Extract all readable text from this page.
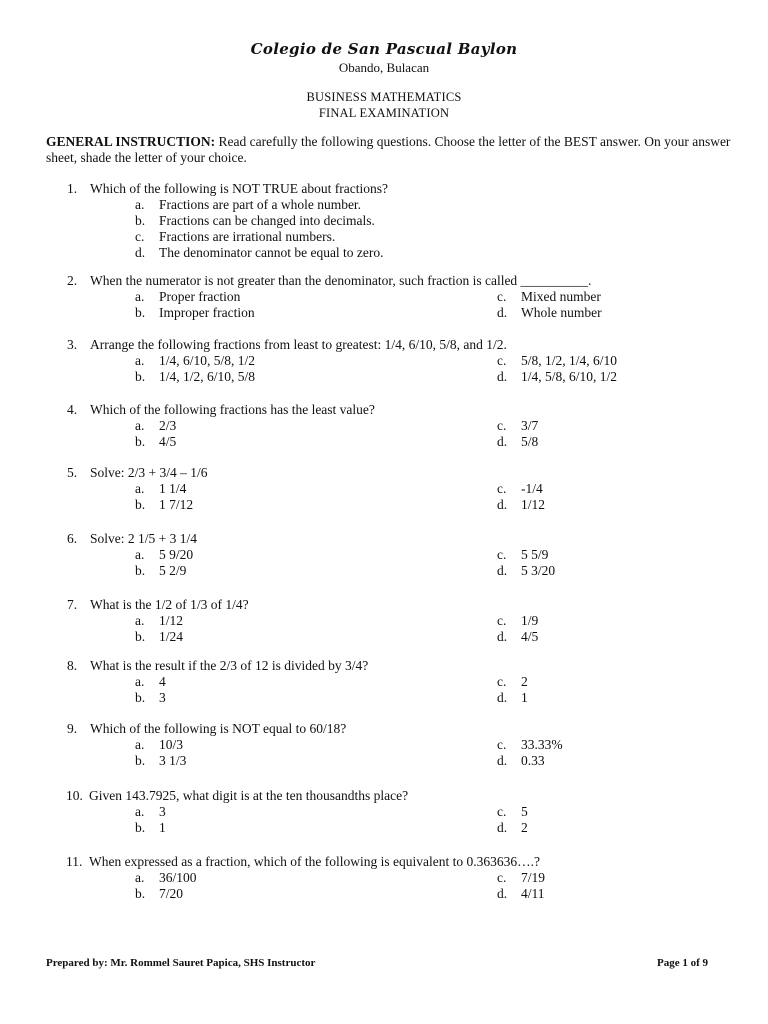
Colegio de San Pascual Baylon
Obando, Bulacan
BUSINESS MATHEMATICS
FINAL EXAMINATION
GENERAL INSTRUCTION: Read carefully the following questions. Choose the letter of the BEST answer. On your answer sheet, shade the letter of your choice.
1. Which of the following is NOT TRUE about fractions?
a.	Fractions are part of a whole number.
b.	Fractions can be changed into decimals.
c.	Fractions are irrational numbers.
d.	The denominator cannot be equal to zero.
2. When the numerator is not greater than the denominator, such fraction is called __________.
a.	Proper fraction
b.	Improper fraction
c.	Mixed number
d.	Whole number
3. Arrange the following fractions from least to greatest: 1/4, 6/10, 5/8, and 1/2.
a.	1/4, 6/10, 5/8, 1/2
b.	1/4, 1/2, 6/10, 5/8
c.	5/8, 1/2, 1/4, 6/10
d.	1/4, 5/8, 6/10, 1/2
4. Which of the following fractions has the least value?
a.	2/3
b.	4/5
c.	3/7
d.	5/8
5. Solve: 2/3 + 3/4 – 1/6
a.	1 1/4
b.	1 7/12
c.	-1/4
d.	1/12
6. Solve: 2 1/5 + 3 1/4
a.	5 9/20
b.	5 2/9
c.	5 5/9
d.	5 3/20
7. What is the 1/2 of 1/3 of 1/4?
a.	1/12
b.	1/24
c.	1/9
d.	4/5
8. What is the result if the 2/3 of 12 is divided by 3/4?
a.	4
b.	3
c.	2
d.	1
9. Which of the following is NOT equal to 60/18?
a.	10/3
b.	3 1/3
c.	33.33%
d.	0.33
10. Given 143.7925, what digit is at the ten thousandths place?
a.	3
b.	1
c.	5
d.	2
11. When expressed as a fraction, which of the following is equivalent to 0.363636….?
a.	36/100
b.	7/20
c.	7/19
d.	4/11
Prepared by: Mr. Rommel Sauret Papica, SHS Instructor	Page 1 of 9
